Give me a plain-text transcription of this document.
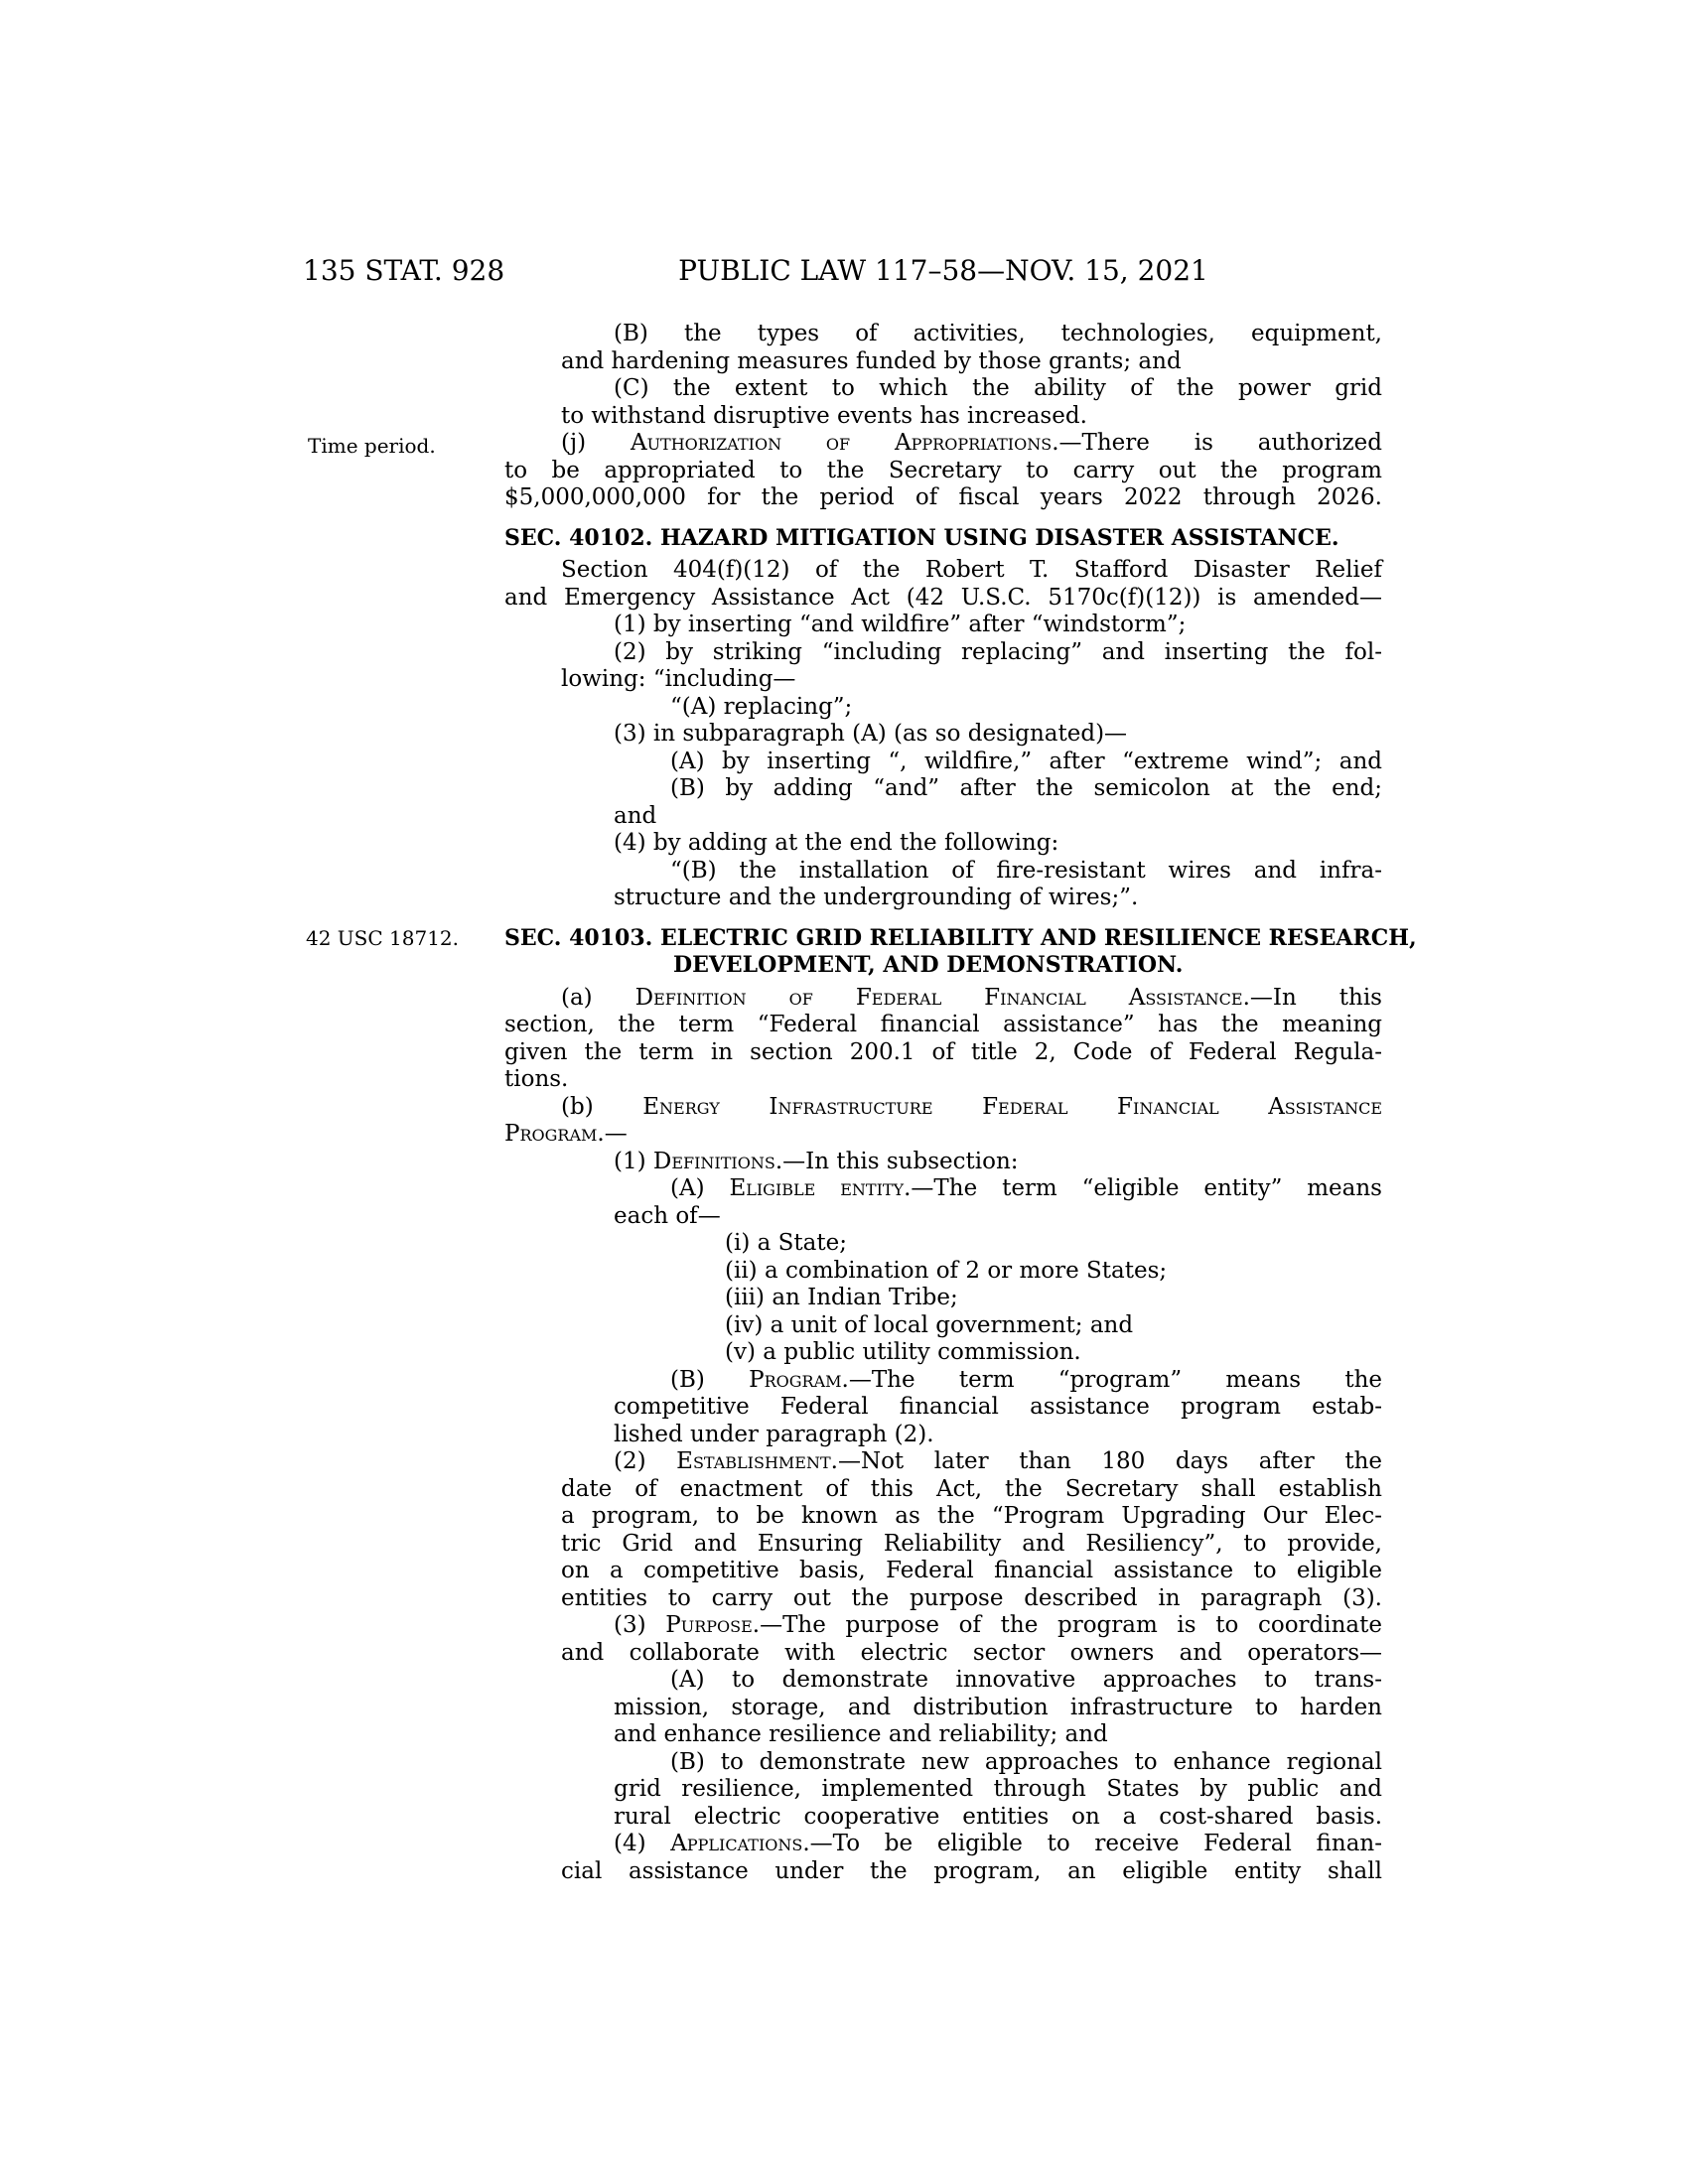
135 STAT. 928	PUBLIC LAW 117–58—NOV. 15, 2021
Time period.
42 USC 18712.
(B) the types of activities, technologies, equipment,
and hardening measures funded by those grants; and
(C) the extent to which the ability of the power grid
to withstand disruptive events has increased.
(j) Authorization of Appropriations.—There is authorized
to be appropriated to the Secretary to carry out the program
$5,000,000,000 for the period of fiscal years 2022 through 2026.
SEC. 40102. HAZARD MITIGATION USING DISASTER ASSISTANCE.
Section 404(f)(12) of the Robert T. Stafford Disaster Relief
and Emergency Assistance Act (42 U.S.C. 5170c(f)(12)) is amended—
(1) by inserting “and wildfire” after “windstorm”;
(2) by striking “including replacing” and inserting the fol-
lowing: “including—
“(A) replacing”;
(3) in subparagraph (A) (as so designated)—
(A) by inserting “, wildfire,” after “extreme wind”; and
(B) by adding “and” after the semicolon at the end;
and
(4) by adding at the end the following:
“(B) the installation of fire-resistant wires and infra-
structure and the undergrounding of wires;”.
SEC. 40103. ELECTRIC GRID RELIABILITY AND RESILIENCE RESEARCH,
DEVELOPMENT, AND DEMONSTRATION.
(a) Definition of Federal Financial Assistance.—In this
section, the term “Federal financial assistance” has the meaning
given the term in section 200.1 of title 2, Code of Federal Regula-
tions.
(b) Energy Infrastructure Federal Financial Assistance
Program.—
(1) Definitions.—In this subsection:
(A) Eligible entity.—The term “eligible entity” means
each of—
(i) a State;
(ii) a combination of 2 or more States;
(iii) an Indian Tribe;
(iv) a unit of local government; and
(v) a public utility commission.
(B) Program.—The term “program” means the
competitive Federal financial assistance program estab-
lished under paragraph (2).
(2) Establishment.—Not later than 180 days after the
date of enactment of this Act, the Secretary shall establish
a program, to be known as the “Program Upgrading Our Elec-
tric Grid and Ensuring Reliability and Resiliency”, to provide,
on a competitive basis, Federal financial assistance to eligible
entities to carry out the purpose described in paragraph (3).
(3) Purpose.—The purpose of the program is to coordinate
and collaborate with electric sector owners and operators—
(A) to demonstrate innovative approaches to trans-
mission, storage, and distribution infrastructure to harden
and enhance resilience and reliability; and
(B) to demonstrate new approaches to enhance regional
grid resilience, implemented through States by public and
rural electric cooperative entities on a cost-shared basis.
(4) Applications.—To be eligible to receive Federal finan-
cial assistance under the program, an eligible entity shall
